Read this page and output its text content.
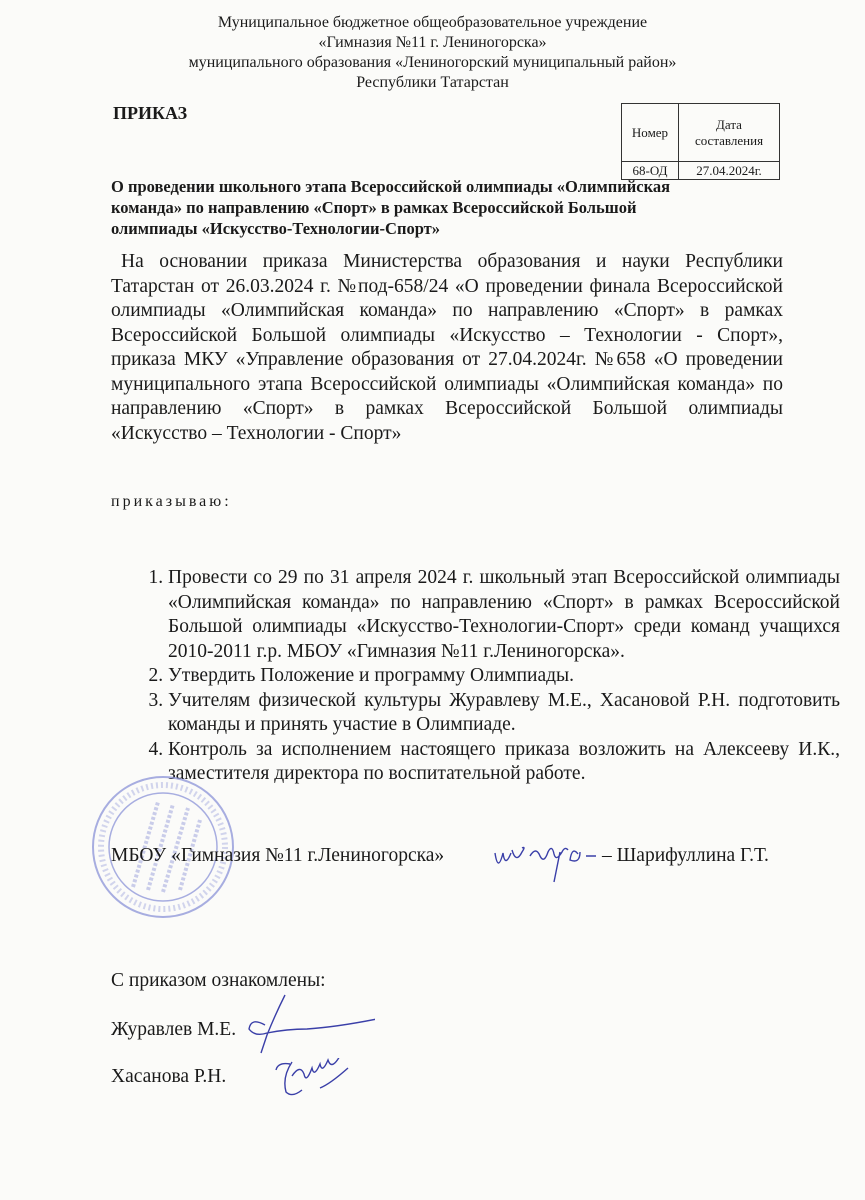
Муниципальное бюджетное общеобразовательное учреждение
«Гимназия №11 г. Лениногорска»
муниципального образования «Лениногорский муниципальный район»
Республики Татарстан
ПРИКАЗ
Номер	Дата составления
68-ОД	27.04.2024г.
О проведении школьного этапа Всероссийской олимпиады «Олимпийская команда» по направлению «Спорт» в рамках Всероссийской Большой олимпиады «Искусство-Технологии-Спорт»
На основании приказа Министерства образования и науки Республики Татарстан от 26.03.2024 г. №под-658/24 «О проведении финала Всероссийской олимпиады «Олимпийская команда» по направлению «Спорт» в рамках Всероссийской Большой олимпиады «Искусство – Технологии - Спорт», приказа МКУ «Управление образования от 27.04.2024г. №658 «О проведении муниципального этапа Всероссийской олимпиады «Олимпийская команда» по направлению «Спорт» в рамках Всероссийской Большой олимпиады «Искусство – Технологии - Спорт»
приказываю:
1. Провести со 29 по 31 апреля 2024 г. школьный этап Всероссийской олимпиады «Олимпийская команда» по направлению «Спорт» в рамках Всероссийской Большой олимпиады «Искусство-Технологии-Спорт» среди команд учащихся 2010-2011 г.р. МБОУ «Гимназия №11 г.Лениногорска».
2. Утвердить Положение и программу Олимпиады.
3. Учителям физической культуры Журавлеву М.Е., Хасановой Р.Н. подготовить команды и принять участие в Олимпиаде.
4. Контроль за исполнением настоящего приказа возложить на Алексееву И.К., заместителя директора по воспитательной работе.
МБОУ «Гимназия №11 г.Лениногорска»	– Шарифуллина Г.Т.
С приказом ознакомлены:
Журавлев М.Е.
Хасанова Р.Н.
